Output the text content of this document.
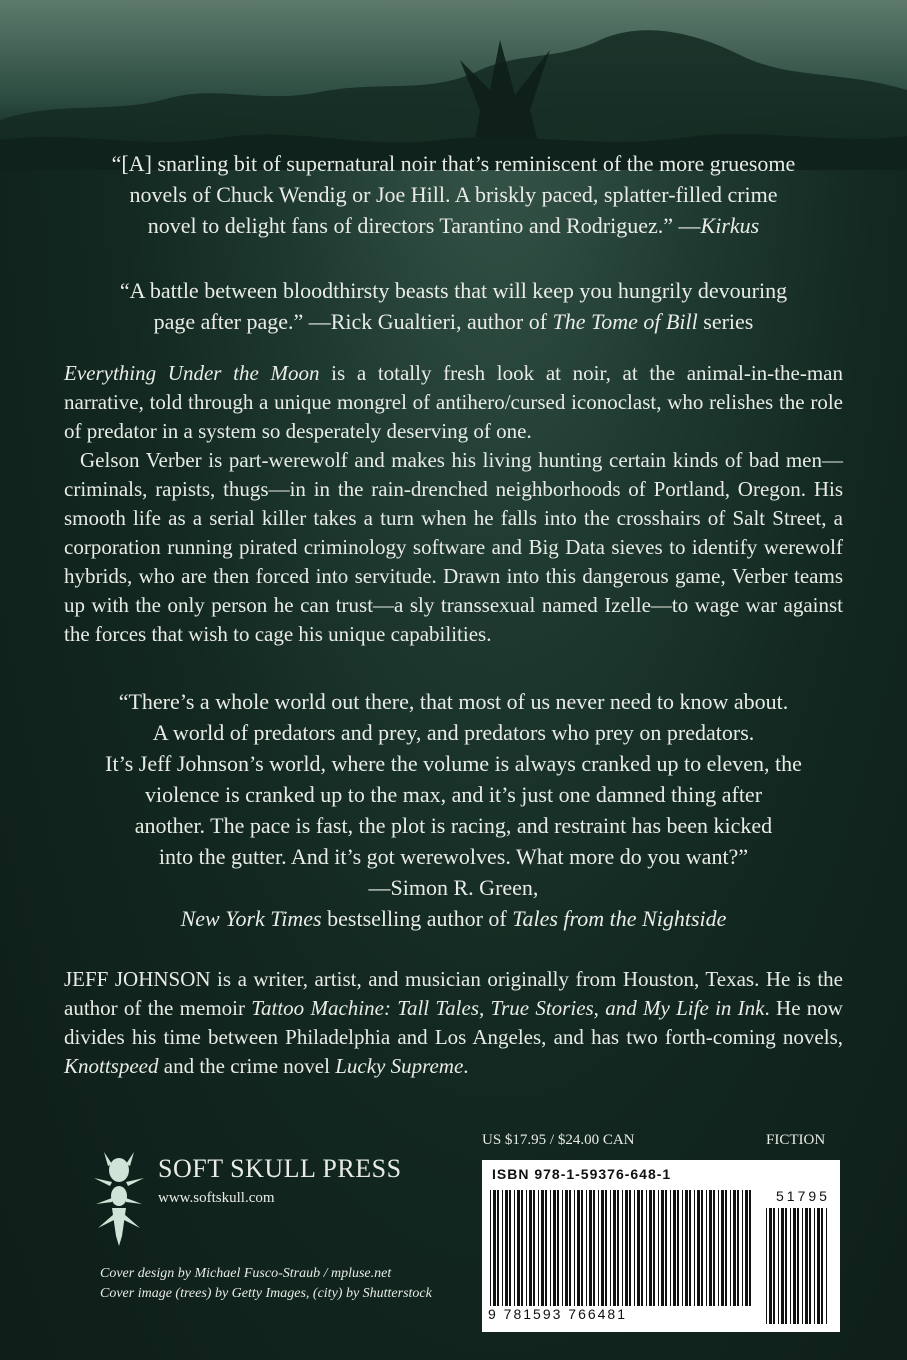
“[A] snarling bit of supernatural noir that’s reminiscent of the more gruesome
novels of Chuck Wendig or Joe Hill. A briskly paced, splatter-filled crime
novel to delight fans of directors Tarantino and Rodriguez.” —Kirkus
“A battle between bloodthirsty beasts that will keep you hungrily devouring
page after page.” —Rick Gualtieri, author of The Tome of Bill series

Everything Under the Moon is a totally fresh look at noir, at the animal-in-the-man narrative, told through a unique mongrel of antihero/cursed iconoclast, who relishes the role of predator in a system so desperately deserving of one.

Gelson Verber is part-werewolf and makes his living hunting certain kinds of bad men—criminals, rapists, thugs—in in the rain-drenched neighborhoods of Portland, Oregon. His smooth life as a serial killer takes a turn when he falls into the crosshairs of Salt Street, a corporation running pirated criminology software and Big Data sieves to identify werewolf hybrids, who are then forced into servitude. Drawn into this dangerous game, Verber teams up with the only person he can trust—a sly transsexual named Izelle—to wage war against the forces that wish to cage his unique capabilities.

“There’s a whole world out there, that most of us never need to know about.
A world of predators and prey, and predators who prey on predators.
It’s Jeff Johnson’s world, where the volume is always cranked up to eleven, the
violence is cranked up to the max, and it’s just one damned thing after
another. The pace is fast, the plot is racing, and restraint has been kicked
into the gutter. And it’s got werewolves. What more do you want?”
—Simon R. Green,
New York Times bestselling author of Tales from the Nightside

JEFF JOHNSON is a writer, artist, and musician originally from Houston, Texas. He is the author of the memoir Tattoo Machine: Tall Tales, True Stories, and My Life in Ink. He now divides his time between Philadelphia and Los Angeles, and has two forth-coming novels, Knottspeed and the crime novel Lucky Supreme.

SOFT SKULL PRESS
www.softskull.com
Cover design by Michael Fusco-Straub / mpluse.net
Cover image (trees) by Getty Images, (city) by Shutterstock
US $17.95 / $24.00 CAN	FICTION
ISBN 978-1-59376-648-1
51795
9 781593 766481
